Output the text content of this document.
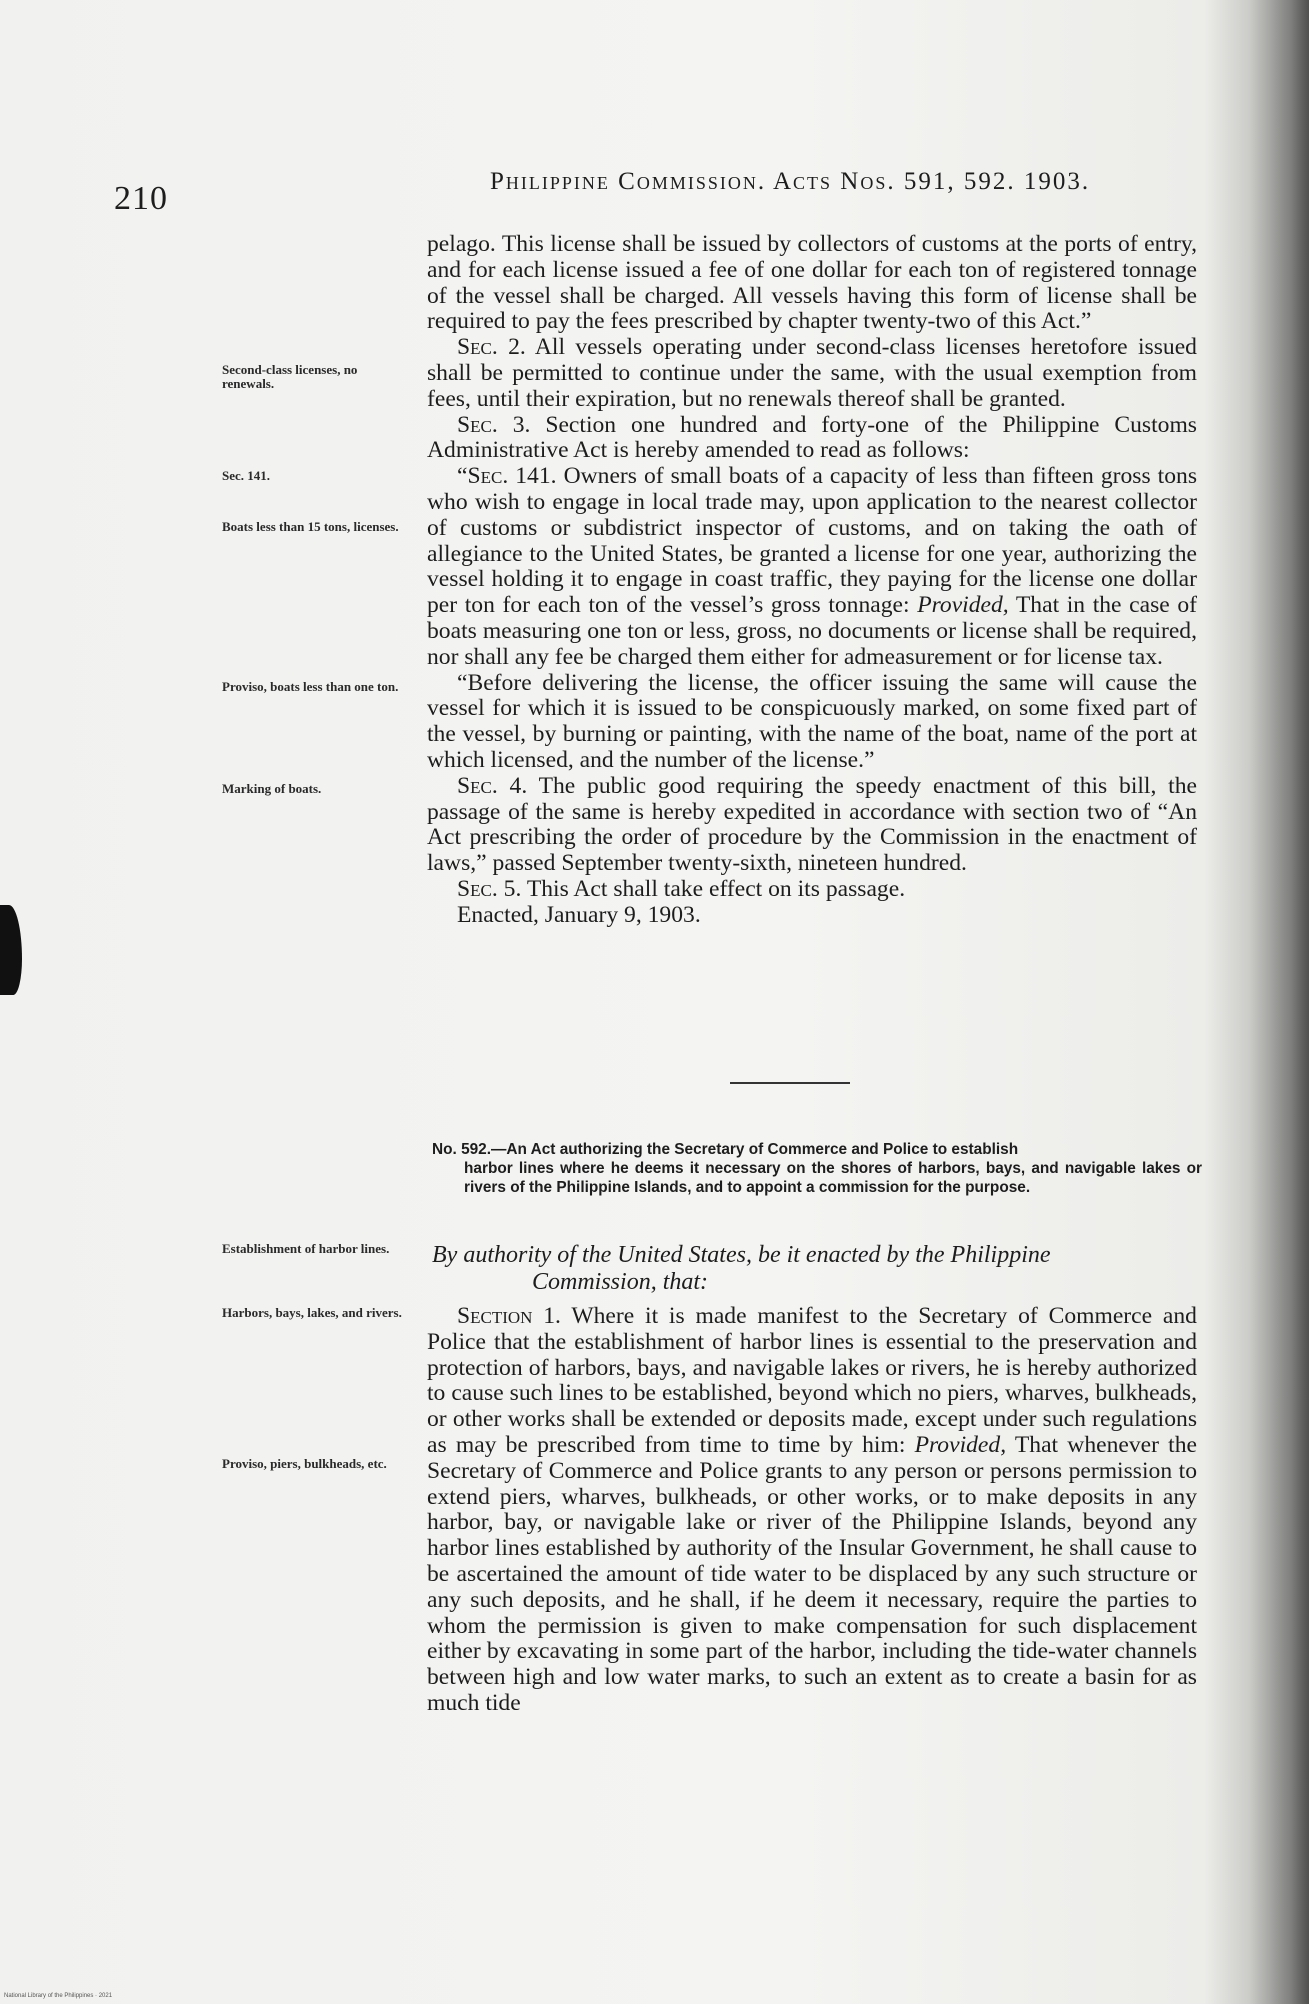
210	Philippine Commission. Acts Nos. 591, 592. 1903.
Second-class licenses, no renewals.
Sec. 141.
Boats less than 15 tons, licenses.
Proviso, boats less than one ton.
Marking of boats.
Establishment of harbor lines.
Harbors, bays, lakes, and rivers.
Proviso, piers, bulkheads, etc.

pelago. This license shall be issued by collectors of customs at the ports of entry, and for each license issued a fee of one dollar for each ton of registered tonnage of the vessel shall be charged. All vessels having this form of license shall be required to pay the fees prescribed by chapter twenty-two of this Act.”

Sec. 2. All vessels operating under second-class licenses heretofore issued shall be permitted to continue under the same, with the usual exemption from fees, until their expiration, but no renewals thereof shall be granted.

Sec. 3. Section one hundred and forty-one of the Philippine Customs Administrative Act is hereby amended to read as follows:

“Sec. 141. Owners of small boats of a capacity of less than fifteen gross tons who wish to engage in local trade may, upon application to the nearest collector of customs or subdistrict inspector of customs, and on taking the oath of allegiance to the United States, be granted a license for one year, authorizing the vessel holding it to engage in coast traffic, they paying for the license one dollar per ton for each ton of the vessel’s gross tonnage: Provided, That in the case of boats measuring one ton or less, gross, no documents or license shall be required, nor shall any fee be charged them either for admeasurement or for license tax.

“Before delivering the license, the officer issuing the same will cause the vessel for which it is issued to be conspicuously marked, on some fixed part of the vessel, by burning or painting, with the name of the boat, name of the port at which licensed, and the number of the license.”

Sec. 4. The public good requiring the speedy enactment of this bill, the passage of the same is hereby expedited in accordance with section two of “An Act prescribing the order of procedure by the Commission in the enactment of laws,” passed September twenty-sixth, nineteen hundred.

Sec. 5. This Act shall take effect on its passage.

Enacted, January 9, 1903.

No. 592.—An Act authorizing the Secretary of Commerce and Police to establish
harbor lines where he deems it necessary on the shores of harbors, bays, and navigable lakes or rivers of the Philippine Islands, and to appoint a commission for the purpose.
By authority of the United States, be it enacted by the Philippine
Commission, that:

Section 1. Where it is made manifest to the Secretary of Commerce and Police that the establishment of harbor lines is essential to the preservation and protection of harbors, bays, and navigable lakes or rivers, he is hereby authorized to cause such lines to be established, beyond which no piers, wharves, bulkheads, or other works shall be extended or deposits made, except under such regulations as may be prescribed from time to time by him: Provided, That whenever the Secretary of Commerce and Police grants to any person or persons permission to extend piers, wharves, bulkheads, or other works, or to make deposits in any harbor, bay, or navigable lake or river of the Philippine Islands, beyond any harbor lines established by authority of the Insular Government, he shall cause to be ascertained the amount of tide water to be displaced by any such structure or any such deposits, and he shall, if he deem it necessary, require the parties to whom the permission is given to make compensation for such displacement either by excavating in some part of the harbor, including the tide-water channels between high and low water marks, to such an extent as to create a basin for as much tide

National Library of the Philippines · 2021
